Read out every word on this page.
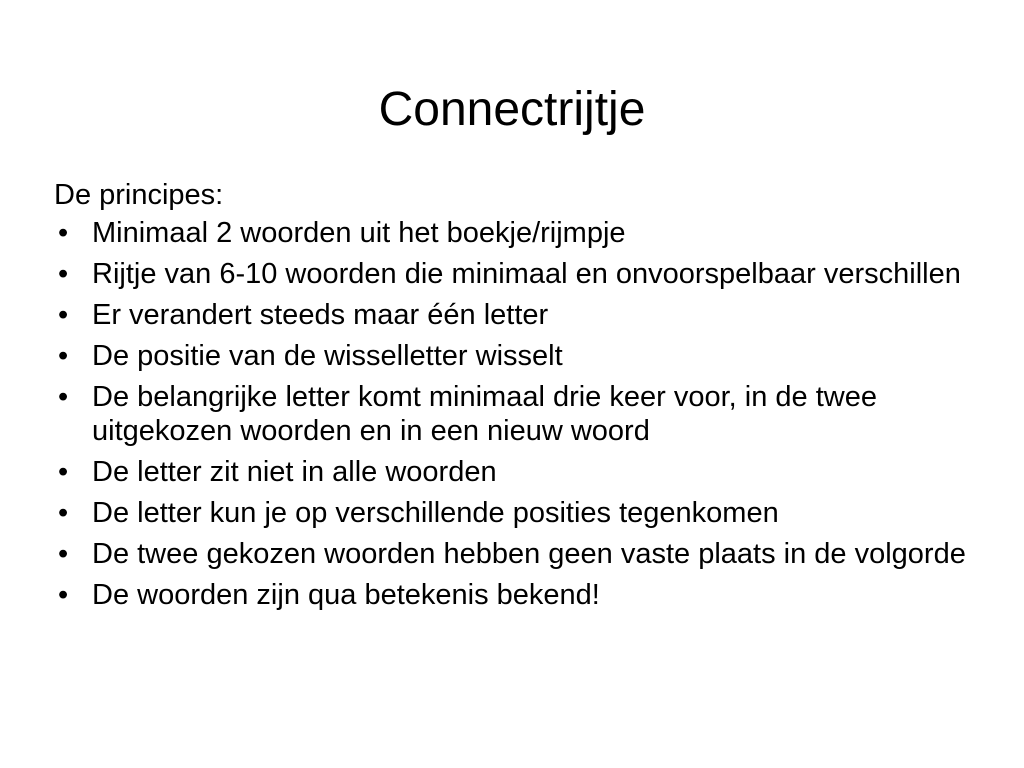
Connectrijtje
De principes:
• Minimaal 2 woorden uit het boekje/rijmpje
• Rijtje van 6-10 woorden die minimaal en onvoorspelbaar verschillen
• Er verandert steeds maar één letter
• De positie van de wisselletter wisselt
• De belangrijke letter komt minimaal drie keer voor, in de twee uitgekozen woorden en in een nieuw woord
• De letter zit niet in alle woorden
• De letter kun je op verschillende posities tegenkomen
• De twee gekozen woorden hebben geen vaste plaats in de volgorde
• De woorden zijn qua betekenis bekend!
